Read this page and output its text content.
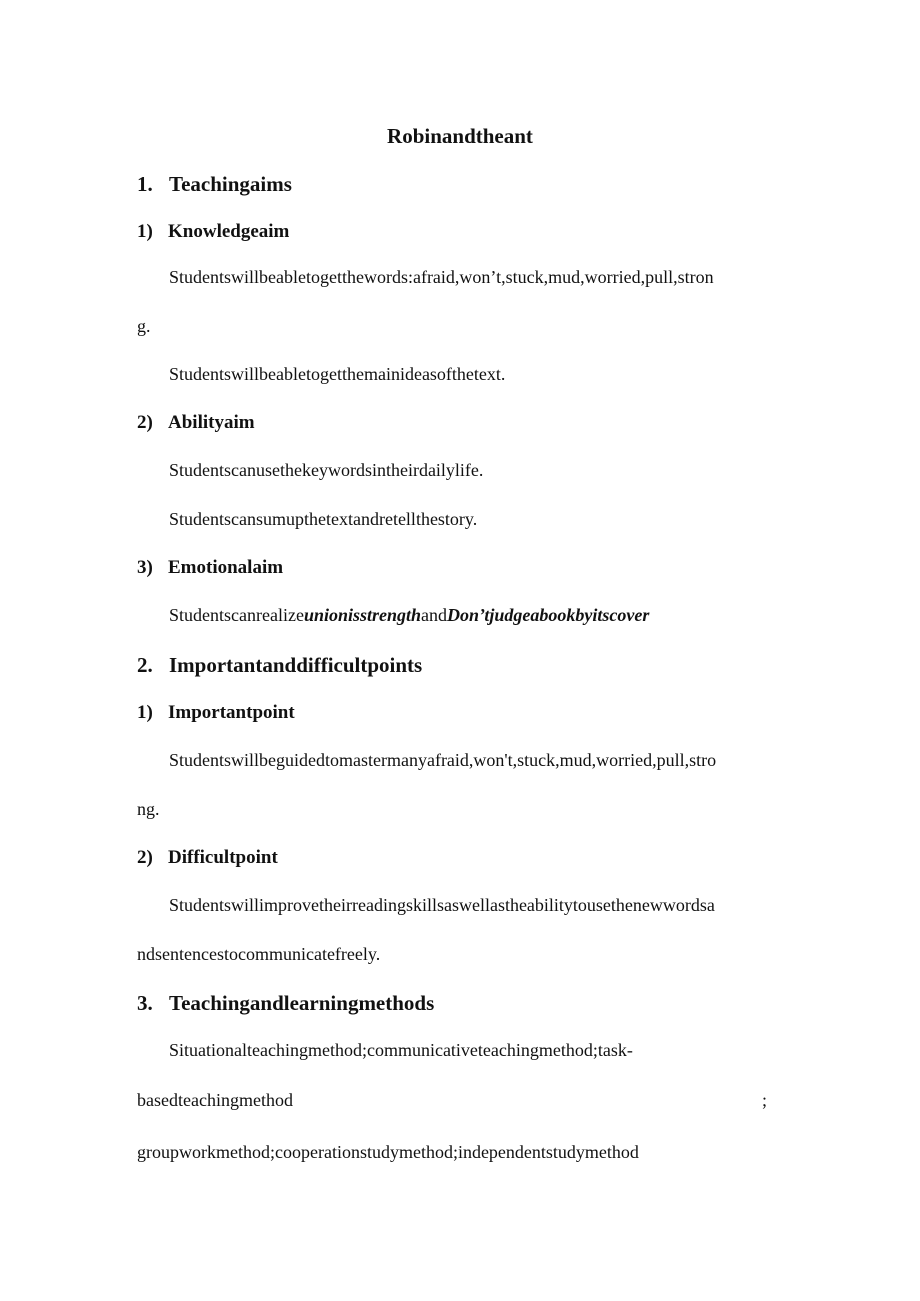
Robinandtheant
1. Teachingaims
1) Knowledgeaim
Studentswillbeabletogetthewords:afraid,won’t,stuck,mud,worried,pull,stron
g.
Studentswillbeabletogetthemainideasofthetext.
2) Abilityaim
Studentscanusethekeywordsintheirdailylife.
Studentscansumupthetextandretellthestory.
3) Emotionalaim
StudentscanrealizeunionisstrengthandDon’tjudgeabookbyitscover
2. Importantanddifficultpoints
1) Importantpoint
Studentswillbeguidedtomastermanyafraid,won't,stuck,mud,worried,pull,stro
ng.
2) Difficultpoint
Studentswillimprovetheirreadingskillsaswellastheabilitytousethenewwordsa
ndsentencestocommunicatefreely.
3. Teachingandlearningmethods
Situationalteachingmethod;communicativeteachingmethod;task-
basedteachingmethod	;
groupworkmethod;cooperationstudymethod;independentstudymethod
